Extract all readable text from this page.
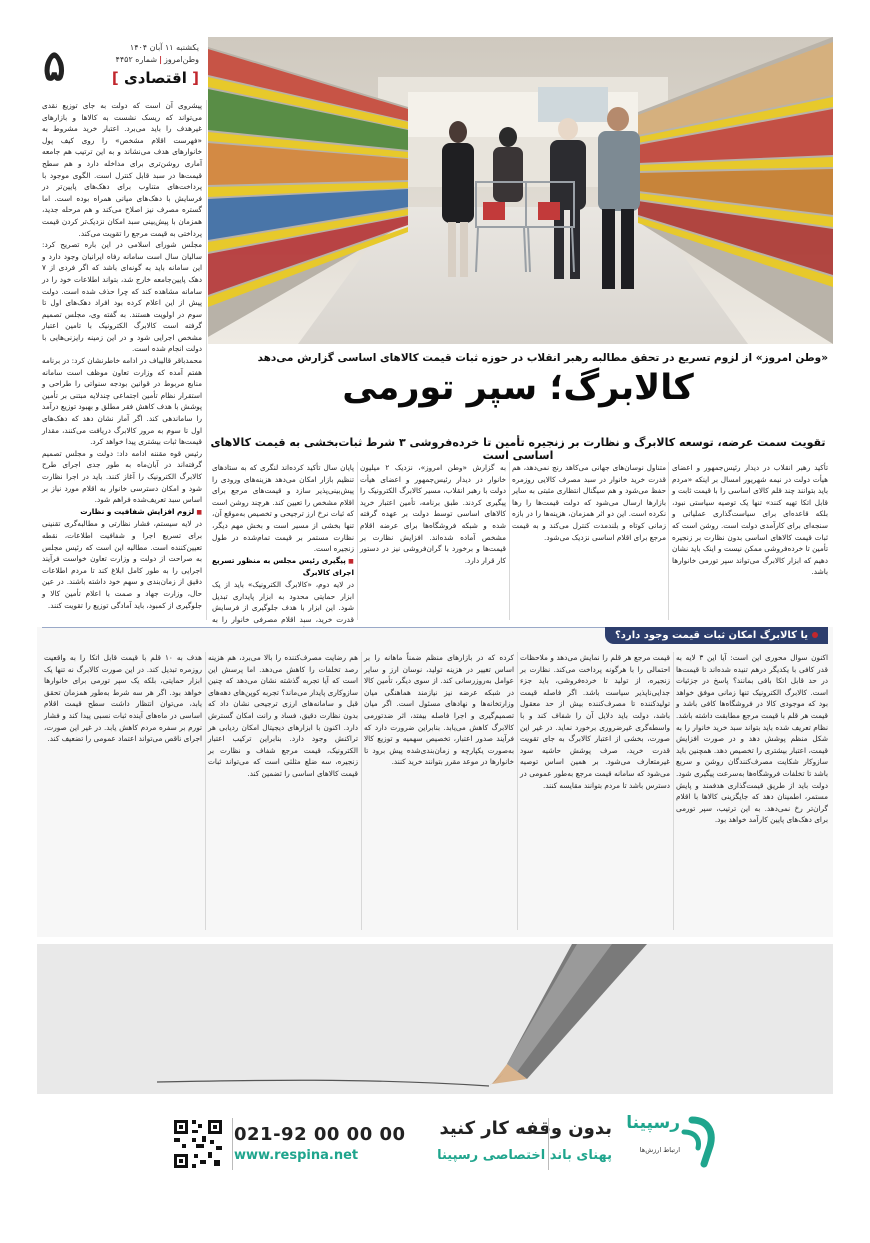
۵	یکشنبه ۱۱ آبان ۱۴۰۴
وطن‌امروز|شماره ۴۴۵۲
[ اقتصادی ]
«وطن امروز» از لزوم تسریع در تحقق مطالبه رهبر انقلاب در حوزه ثبات قیمت کالاهای اساسی گزارش می‌دهد
کالابرگ؛ سپر تورمی
تقویت سمت عرضه، توسعه کالابرگ و نظارت بر زنجیره تأمین تا خرده‌فروشی ۳ شرط ثبات‌بخشی به قیمت کالاهای اساسی است
پیشروی آن است که دولت به جای توزیع نقدی می‌تواند که ریسک نشست به کالاها و بازارهای غیرهدف را باید می‌برد. اعتبار خرید مشروط به «فهرست اقلام مشخص» را روی کیف پول خانوارهای هدف می‌نشاند و به این ترتیب هم جامعه آماری روشن‌تری برای مداخله دارد و هم سطح قیمت‌ها در سبد قابل کنترل است. الگوی موجود با پرداخت‌های متناوب برای دهک‌های پایین‌تر در فرسایش با دهک‌های میانی همراه بوده است. اما گستره مصرف نیز اصلاح می‌کند و هم مرحله جدید، همزمان با پیش‌بینی سبد امکان نزدیک‌تر کردن قیمت پرداختی به قیمت مرجع را تقویت می‌کند.
مجلس شورای اسلامی در این باره تصریح کرد: سالیان سال است سامانه رفاه ایرانیان وجود دارد و این سامانه باید به گونه‌ای باشد که اگر فردی از ۷ دهک پایین‌جامعه خارج شد، بتواند اطلاعات خود را در سامانه مشاهده کند که چرا حذف شده است. دولت پیش از این اعلام کرده بود افراد دهک‌های اول تا سوم در اولویت هستند. به گفته وی، مجلس تصمیم گرفته است کالابرگ الکترونیک با تامین اعتبار مشخص اجرایی شود و در این زمینه رایزنی‌هایی با دولت انجام شده است.
محمدباقر قالیباف در ادامه خاطرنشان کرد: در برنامه هفتم آمده که وزارت تعاون موظف است سامانه منابع مربوط در قوانین بودجه سنواتی را طراحی و استقرار نظام تأمین اجتماعی چندلایه مبتنی بر تأمین پوشش با هدف کاهش فقر مطلق و بهبود توزیع درآمد را ساماندهی کند. اگر آمار نشان دهد که دهک‌های اول تا سوم به مرور کالابرگ دریافت می‌کنند، مقدار قیمت‌ها ثبات بیشتری پیدا خواهد کرد.
رئیس قوه مقننه ادامه داد: دولت و مجلس تصمیم گرفته‌اند در آبان‌ماه به طور جدی اجرای طرح کالابرگ الکترونیک را آغاز کنند. باید در اجرا نظارت شود و امکان دسترسی خانوار به اقلام مورد نیاز بر اساس سبد تعریف‌شده فراهم شود.

■ لزوم افزایش شفافیت و نظارت
در لایه سیستم، فشار نظارتی و مطالبه‌گری تقنینی برای تسریع اجرا و شفافیت اطلاعات، نقطه تعیین‌کننده است. مطالبه این است که رئیس مجلس به صراحت از دولت و وزارت تعاون خواست فرآیند اجرایی را به طور کامل ابلاغ کند تا مردم اطلاعات دقیق از زمان‌بندی و سهم خود داشته باشند. در عین حال، وزارت جهاد و صمت با اعلام تأمین کالا و جلوگیری از کمبود، باید آمادگی توزیع را تقویت کنند.
تأکید رهبر انقلاب در دیدار رئیس‌جمهور و اعضای هیأت دولت در نیمه شهریور امسال بر اینکه «مردم باید بتوانند چند قلم کالای اساسی را با قیمت ثابت و قابل اتکا تهیه کنند» تنها یک توصیه سیاستی نبود، بلکه قاعده‌ای برای سیاست‌گذاری عملیاتی و سنجه‌ای برای کارآمدی دولت است. روشن است که ثبات قیمت کالاهای اساسی بدون نظارت بر زنجیره تأمین تا خرده‌فروشی ممکن نیست و اینک باید نشان دهیم که ابزار کالابرگ می‌تواند سپر تورمی خانوارها باشد.
متناول نوسان‌های جهانی می‌کاهد رنج نمی‌دهد، هم قدرت خرید خانوار در سبد مصرف کالایی روزمره حفظ می‌شود و هم سیگنال انتظاری مثبتی به سایر بازارها ارسال می‌شود که دولت قیمت‌ها را رها نکرده است. این دو اثر همزمان، هزینه‌ها را در بازه زمانی کوتاه و بلندمدت کنترل می‌کند و به قیمت مرجع برای اقلام اساسی نزدیک می‌شود.
به گزارش «وطن امروز»، نزدیک ۲ میلیون خانوار در دیدار رئیس‌جمهور و اعضای هیأت دولت با رهبر انقلاب، مسیر کالابرگ الکترونیک را پیگیری کردند. طبق برنامه، تأمین اعتبار خرید کالاهای اساسی توسط دولت بر عهده گرفته شده و شبکه فروشگاه‌ها برای عرضه اقلام مشخص آماده شده‌اند. افزایش نظارت بر قیمت‌ها و برخورد با گران‌فروشی نیز در دستور کار قرار دارد.
پایان سال تأکید کرده‌اند لنگری که به ستادهای تنظیم بازار امکان می‌دهد هزینه‌های ورودی را پیش‌بینی‌پذیر سازد و قیمت‌های مرجع برای اقلام مشخص را تعیین کند. هرچند روشن است که ثبات نرخ ارز ترجیحی و تخصیص به‌موقع آن، تنها بخشی از مسیر است و بخش مهم دیگر، نظارت مستمر بر قیمت تمام‌شده در طول زنجیره است.
■ پیگیری رئیس مجلس به منظور تسریع اجرای کالابرگ
در لایه دوم، «کالابرگ الکترونیک» باید از یک ابزار حمایتی محدود به ابزار پایداری تبدیل شود. این ابزار با هدف جلوگیری از فرسایش قدرت خرید، سبد اقلام مصرفی خانوار را به
یا کالابرگ امکان ثبات قیمت وجود دارد؟
اکنون سوال محوری این است: آیا این ۳ لایه به قدر کافی با یکدیگر درهم تنیده شده‌اند تا قیمت‌ها در حد قابل اتکا باقی بمانند؟ پاسخ در جزئیات است. کالابرگ الکترونیک تنها زمانی موفق خواهد بود که موجودی کالا در فروشگاه‌ها کافی باشد و قیمت هر قلم با قیمت مرجع مطابقت داشته باشد. نظام تعریف شده باید بتواند سبد خرید خانوار را به شکل منظم پوشش دهد و در صورت افزایش قیمت، اعتبار بیشتری را تخصیص دهد. همچنین باید سازوکار شکایت مصرف‌کنندگان روشن و سریع باشد تا تخلفات فروشگاه‌ها به‌سرعت پیگیری شود. دولت باید از طریق قیمت‌گذاری هدفمند و پایش مستمر، اطمینان دهد که جایگزینی کالاها با اقلام گران‌تر رخ نمی‌دهد. به این ترتیب، سپر تورمی برای دهک‌های پایین کارآمد خواهد بود.
قیمت مرجع هر قلم را نمایش می‌دهد و ملاحظات احتمالی را با هرگونه پرداخت می‌کند. نظارت بر زنجیره، از تولید تا خرده‌فروشی، باید جزء جدایی‌ناپذیر سیاست باشد. اگر فاصله قیمت تولیدکننده تا مصرف‌کننده بیش از حد معقول باشد، دولت باید دلایل آن را شفاف کند و با واسطه‌گری غیرضروری برخورد نماید. در غیر این صورت، بخشی از اعتبار کالابرگ به جای تقویت قدرت خرید، صرف پوشش حاشیه سود غیرمتعارف می‌شود. بر همین اساس توصیه می‌شود که سامانه قیمت مرجع به‌طور عمومی در دسترس باشد تا مردم بتوانند مقایسه کنند.
کرده که در بازارهای منظم ضمناً ماهانه را بر اساس تغییر در هزینه تولید، نوسان ارز و سایر عوامل به‌روزرسانی کند. از سوی دیگر، تأمین کالا در شبکه عرضه نیز نیازمند هماهنگی میان وزارتخانه‌ها و نهادهای مسئول است. اگر میان تصمیم‌گیری و اجرا فاصله بیفتد، اثر ضدتورمی کالابرگ کاهش می‌یابد. بنابراین ضرورت دارد که فرآیند صدور اعتبار، تخصیص سهمیه و توزیع کالا به‌صورت یکپارچه و زمان‌بندی‌شده پیش برود تا خانوارها در موعد مقرر بتوانند خرید کنند.
هم رضایت مصرف‌کننده را بالا می‌برد، هم هزینه رصد تخلفات را کاهش می‌دهد. اما پرسش این است که آیا تجربه گذشته نشان می‌دهد که چنین سازوکاری پایدار می‌ماند؟ تجربه کوپن‌های دهه‌های قبل و سامانه‌های ارزی ترجیحی نشان داد که بدون نظارت دقیق، فساد و رانت امکان گسترش دارد. اکنون با ابزارهای دیجیتال امکان ردیابی هر تراکنش وجود دارد. بنابراین ترکیب اعتبار الکترونیک، قیمت مرجع شفاف و نظارت بر زنجیره، سه ضلع مثلثی است که می‌تواند ثبات قیمت کالاهای اساسی را تضمین کند.
هدف به ۱۰ قلم با قیمت قابل اتکا را به واقعیت روزمره تبدیل کند. در این صورت کالابرگ نه تنها یک ابزار حمایتی، بلکه یک سپر تورمی برای خانوارها خواهد بود. اگر هر سه شرط به‌طور همزمان تحقق یابد، می‌توان انتظار داشت سطح قیمت اقلام اساسی در ماه‌های آینده ثبات نسبی پیدا کند و فشار تورم بر سفره مردم کاهش یابد. در غیر این صورت، اجرای ناقص می‌تواند اعتماد عمومی را تضعیف کند.
021-92 00 00 00
www.respina.net
بدون وقفه کار کنید
پهنای باند اختصاصی رسپینا
رسپینا
ارتباط ارزش‌ها
